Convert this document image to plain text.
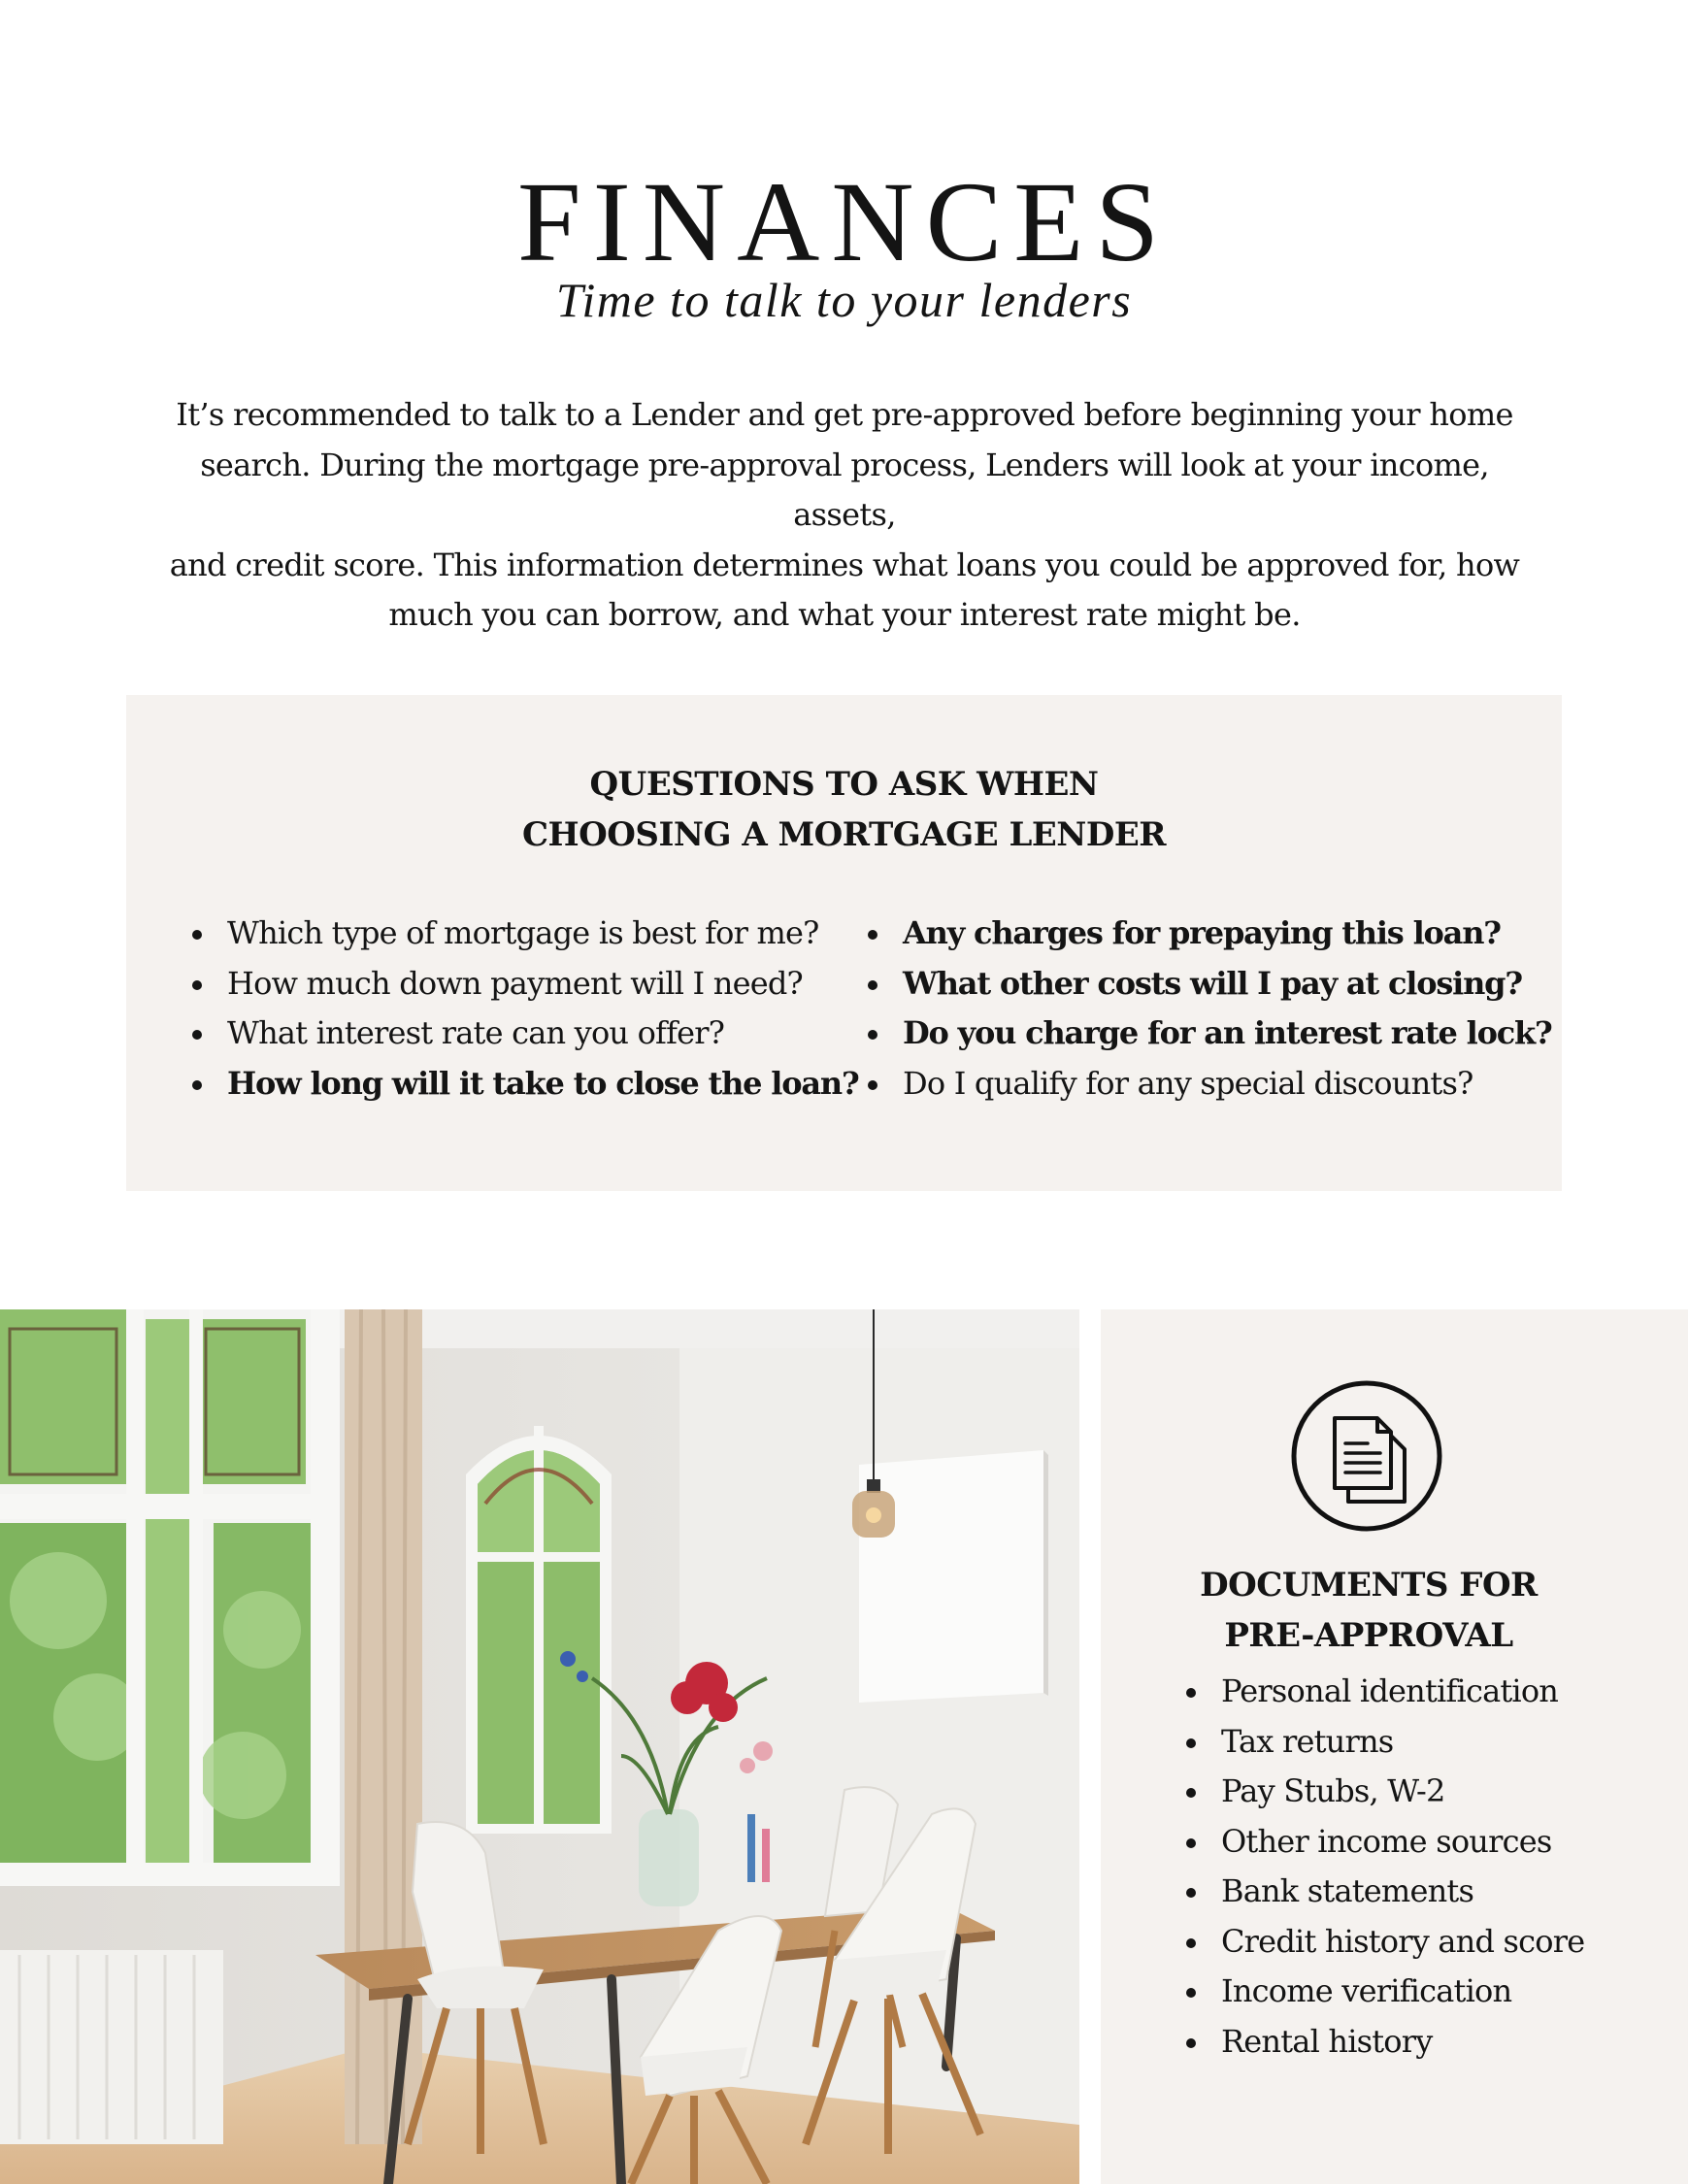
FINANCES
Time to talk to your lenders
It’s recommended to talk to a Lender and get pre-approved before beginning your home
search. During the mortgage pre-approval process, Lenders will look at your income, assets,
and credit score. This information determines what loans you could be approved for, how
much you can borrow, and what your interest rate might be.
QUESTIONS TO ASK WHEN
CHOOSING A MORTGAGE LENDER
Which type of mortgage is best for me?
How much down payment will I need?
What interest rate can you offer?
How long will it take to close the loan?
Any charges for prepaying this loan?
What other costs will I pay at closing?
Do you charge for an interest rate lock?
Do I qualify for any special discounts?
DOCUMENTS FOR
PRE-APPROVAL
Personal identification
Tax returns
Pay Stubs, W-2
Other income sources
Bank statements
Credit history and score
Income verification
Rental history
